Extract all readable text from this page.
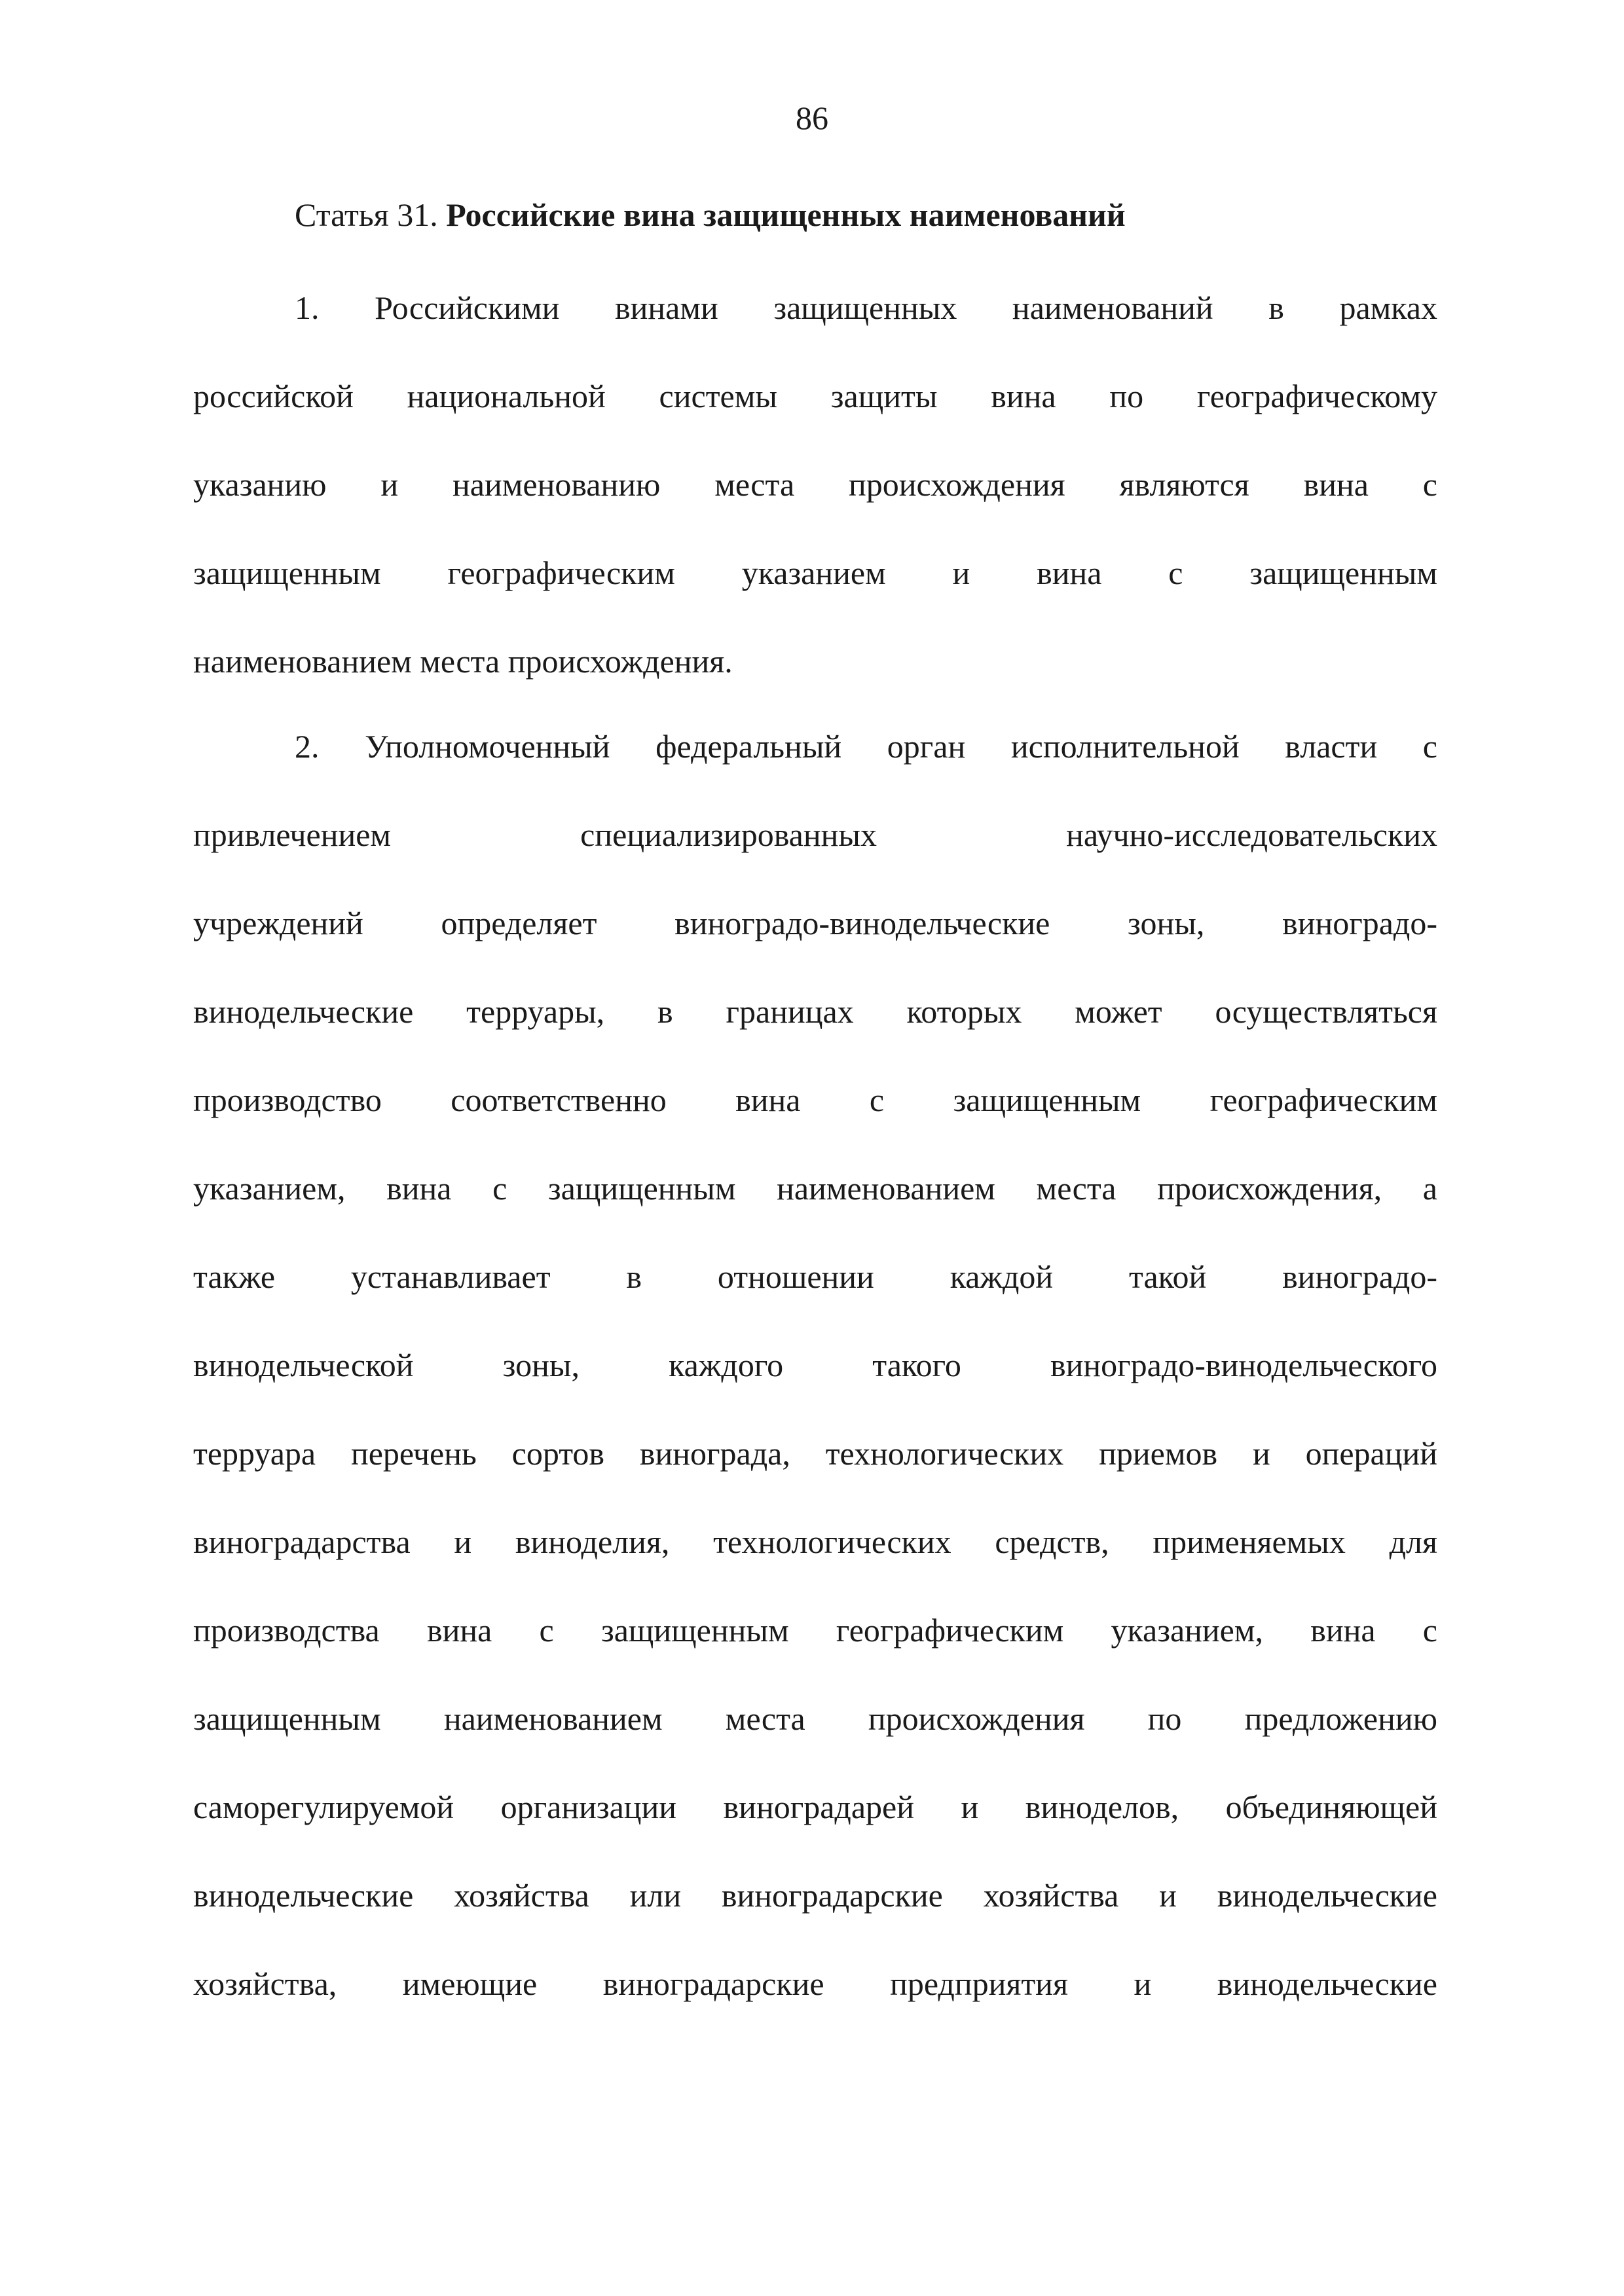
86
Статья 31. Российские вина защищенных наименований
1. Российскими винами защищенных наименований в рамках
российской национальной системы защиты вина по географическому
указанию и наименованию места происхождения являются вина с
защищенным географическим указанием и вина с защищенным
наименованием места происхождения.
2. Уполномоченный федеральный орган исполнительной власти с
привлечением специализированных научно-исследовательских
учреждений определяет виноградо-винодельческие зоны, виноградо-
винодельческие терруары, в границах которых может осуществляться
производство соответственно вина с защищенным географическим
указанием, вина с защищенным наименованием места происхождения, а
также устанавливает в отношении каждой такой виноградо-
винодельческой зоны, каждого такого виноградо-винодельческого
терруара перечень сортов винограда, технологических приемов и операций
виноградарства и виноделия, технологических средств, применяемых для
производства вина с защищенным географическим указанием, вина с
защищенным наименованием места происхождения по предложению
саморегулируемой организации виноградарей и виноделов, объединяющей
винодельческие хозяйства или виноградарские хозяйства и винодельческие
хозяйства, имеющие виноградарские предприятия и винодельческие
